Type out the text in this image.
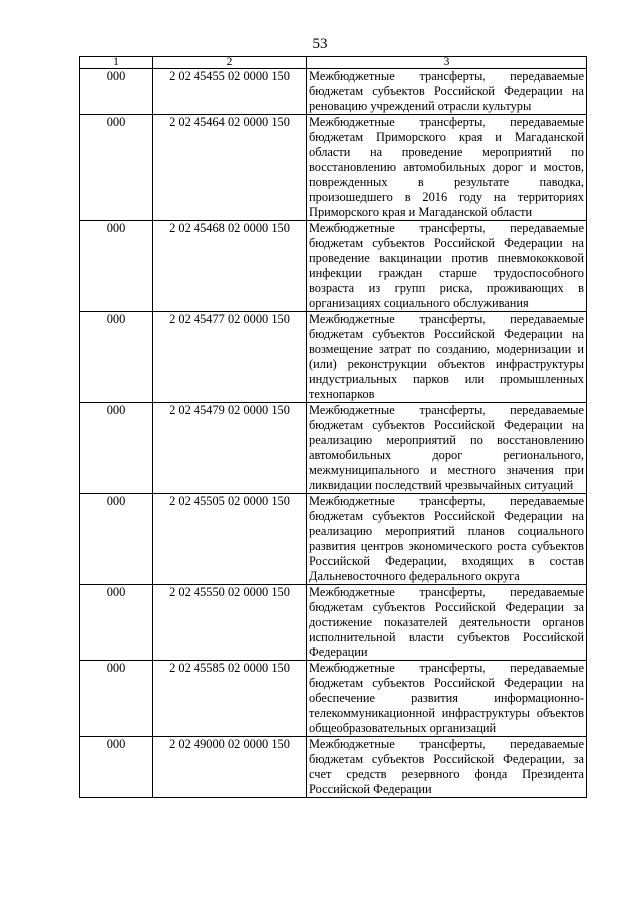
53
1	2	3
000	2 02 45455 02 0000 150	Межбюджетные трансферты, передаваемые бюджетам субъектов Российской Федерации на реновацию учреждений отрасли культуры
000	2 02 45464 02 0000 150	Межбюджетные трансферты, передаваемые бюджетам Приморского края и Магаданской области на проведение мероприятий по восстановлению автомобильных дорог и мостов, поврежденных в результате паводка, произошедшего в 2016 году на территориях Приморского края и Магаданской области
000	2 02 45468 02 0000 150	Межбюджетные трансферты, передаваемые бюджетам субъектов Российской Федерации на проведение вакцинации против пневмококковой инфекции граждан старше трудоспособного возраста из групп риска, проживающих в организациях социального обслуживания
000	2 02 45477 02 0000 150	Межбюджетные трансферты, передаваемые бюджетам субъектов Российской Федерации на возмещение затрат по созданию, модернизации и (или) реконструкции объектов инфраструктуры индустриальных парков или промышленных технопарков
000	2 02 45479 02 0000 150	Межбюджетные трансферты, передаваемые бюджетам субъектов Российской Федерации на реализацию мероприятий по восстановлению автомобильных дорог регионального, межмуниципального и местного значения при ликвидации последствий чрезвычайных ситуаций
000	2 02 45505 02 0000 150	Межбюджетные трансферты, передаваемые бюджетам субъектов Российской Федерации на реализацию мероприятий планов социального развития центров экономического роста субъектов Российской Федерации, входящих в состав Дальневосточного федерального округа
000	2 02 45550 02 0000 150	Межбюджетные трансферты, передаваемые бюджетам субъектов Российской Федерации за достижение показателей деятельности органов исполнительной власти субъектов Российской Федерации
000	2 02 45585 02 0000 150	Межбюджетные трансферты, передаваемые бюджетам субъектов Российской Федерации на обеспечение развития информационно-телекоммуникационной инфраструктуры объектов общеобразовательных организаций
000	2 02 49000 02 0000 150	Межбюджетные трансферты, передаваемые бюджетам субъектов Российской Федерации, за счет средств резервного фонда Президента Российской Федерации
